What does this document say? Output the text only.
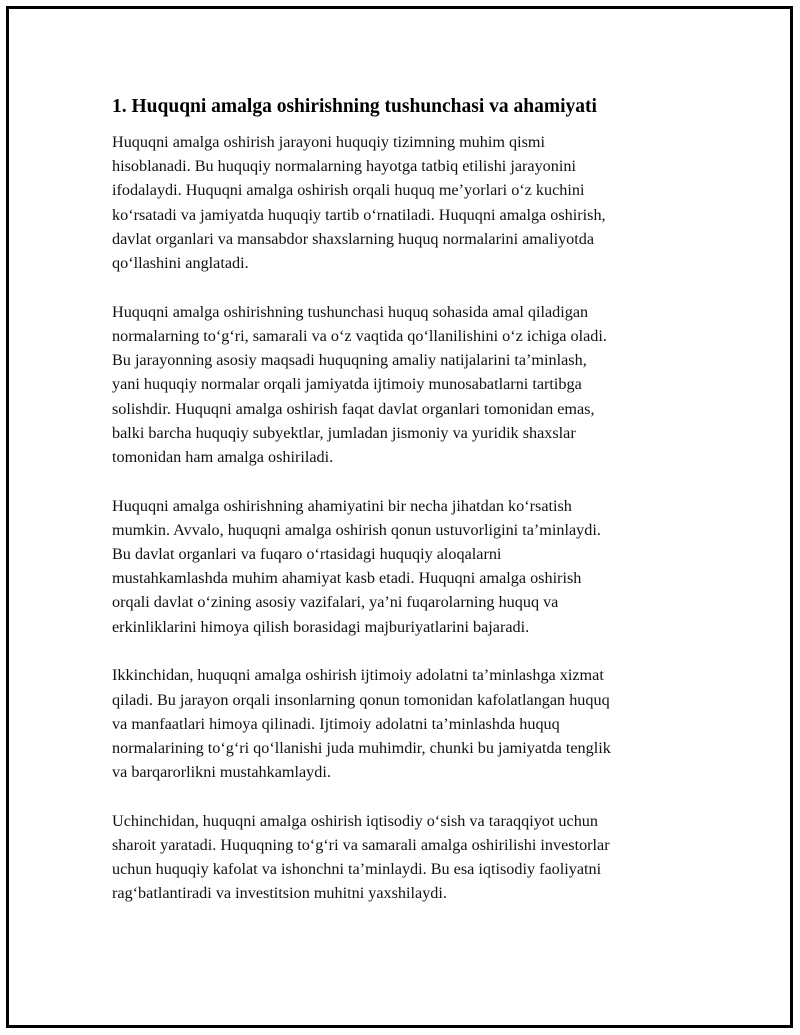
1. Huquqni amalga oshirishning tushunchasi va ahamiyati
Huquqni amalga oshirish jarayoni huquqiy tizimning muhim qismi
hisoblanadi. Bu huquqiy normalarning hayotga tatbiq etilishi jarayonini
ifodalaydi. Huquqni amalga oshirish orqali huquq me’yorlari o‘z kuchini
ko‘rsatadi va jamiyatda huquqiy tartib o‘rnatiladi. Huquqni amalga oshirish,
davlat organlari va mansabdor shaxslarning huquq normalarini amaliyotda
qo‘llashini anglatadi.
Huquqni amalga oshirishning tushunchasi huquq sohasida amal qiladigan
normalarning to‘g‘ri, samarali va o‘z vaqtida qo‘llanilishini o‘z ichiga oladi.
Bu jarayonning asosiy maqsadi huquqning amaliy natijalarini ta’minlash,
yani huquqiy normalar orqali jamiyatda ijtimoiy munosabatlarni tartibga
solishdir. Huquqni amalga oshirish faqat davlat organlari tomonidan emas,
balki barcha huquqiy subyektlar, jumladan jismoniy va yuridik shaxslar
tomonidan ham amalga oshiriladi.
Huquqni amalga oshirishning ahamiyatini bir necha jihatdan ko‘rsatish
mumkin. Avvalo, huquqni amalga oshirish qonun ustuvorligini ta’minlaydi.
Bu davlat organlari va fuqaro o‘rtasidagi huquqiy aloqalarni
mustahkamlashda muhim ahamiyat kasb etadi. Huquqni amalga oshirish
orqali davlat o‘zining asosiy vazifalari, ya’ni fuqarolarning huquq va
erkinliklarini himoya qilish borasidagi majburiyatlarini bajaradi.
Ikkinchidan, huquqni amalga oshirish ijtimoiy adolatni ta’minlashga xizmat
qiladi. Bu jarayon orqali insonlarning qonun tomonidan kafolatlangan huquq
va manfaatlari himoya qilinadi. Ijtimoiy adolatni ta’minlashda huquq
normalarining to‘g‘ri qo‘llanishi juda muhimdir, chunki bu jamiyatda tenglik
va barqarorlikni mustahkamlaydi.
Uchinchidan, huquqni amalga oshirish iqtisodiy o‘sish va taraqqiyot uchun
sharoit yaratadi. Huquqning to‘g‘ri va samarali amalga oshirilishi investorlar
uchun huquqiy kafolat va ishonchni ta’minlaydi. Bu esa iqtisodiy faoliyatni
rag‘batlantiradi va investitsion muhitni yaxshilaydi.
